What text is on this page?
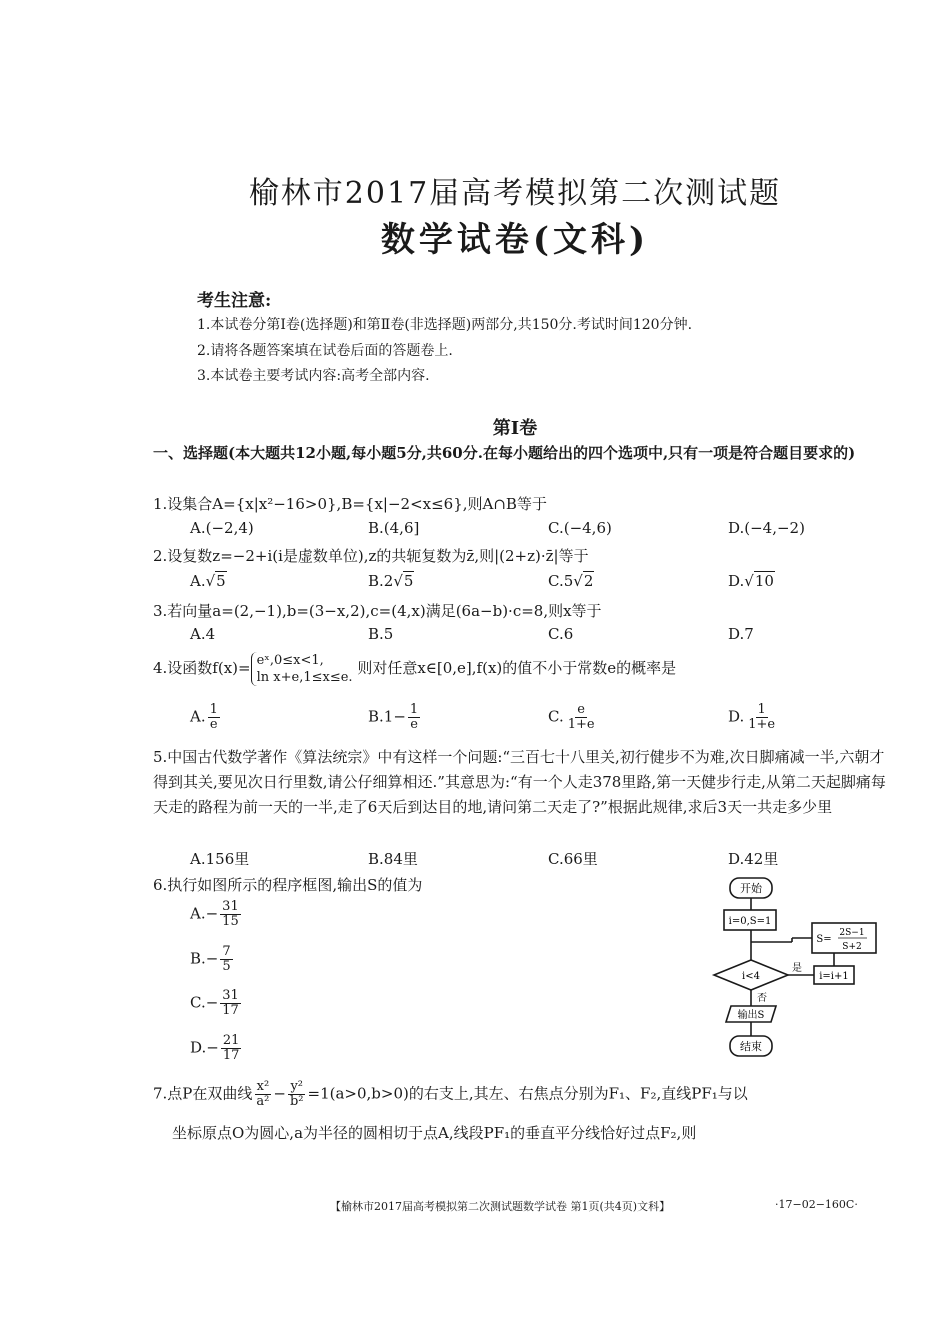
榆林市2017届高考模拟第二次测试题
数学试卷(文科)
考生注意:
1.本试卷分第Ⅰ卷(选择题)和第Ⅱ卷(非选择题)两部分,共150分.考试时间120分钟.
2.请将各题答案填在试卷后面的答题卷上.
3.本试卷主要考试内容:高考全部内容.
第Ⅰ卷
一、选择题(本大题共12小题,每小题5分,共60分.在每小题给出的四个选项中,只有一项是符合题目要求的)
1.设集合A={x|x²−16>0},B={x|−2<x≤6},则A∩B等于
A.(−2,4)	B.(4,6]	C.(−4,6)	D.(−4,−2)
2.设复数z=−2+i(i是虚数单位),z的共轭复数为z̄,则|(2+z)·z̄|等于
A.√5	B.2√5	C.5√2	D.√10
3.若向量a=(2,−1),b=(3−x,2),c=(4,x)满足(6a−b)·c=8,则x等于
A.4	B.5	C.6	D.7
4.设函数f(x)= eˣ,0≤x<1,
ln x+e,1≤x≤e. 则对任意x∈[0,e],f(x)的值不小于常数e的概率是
A. $\frac{1}{e}$	$B.1- \frac{1}{e}$	C. $\frac{e}{1+e}$	D. $\frac{1}{1+e}$
5.中国古代数学著作《算法统宗》中有这样一个问题:“三百七十八里关,初行健步不为难,次日脚痛减一半,六朝才得到其关,要见次日行里数,请公仔细算相还.”其意思为:“有一个人走378里路,第一天健步行走,从第二天起脚痛每天走的路程为前一天的一半,走了6天后到达目的地,请问第二天走了?”根据此规律,求后3天一共走多少里
A.156里	B.84里	C.66里	D.42里
6.执行如图所示的程序框图,输出S的值为
$A.- \frac{31}{15}$
$B.- \frac{7}{5}$
$C.- \frac{31}{17}$
$D.- \frac{21}{17}$
开始
i=0,S=1
i<4
是
否
i=i+1
S=
2S−1
S+2
输出S
结束
7.点P在双曲线 $\frac{\text{x²}}{\text{a²}} - \frac{\text{y²}}{\text{b²}} =1(a>0,b>0)$的右支上,其左、右焦点分别为F₁、F₂,直线PF₁与以
坐标原点O为圆心,a为半径的圆相切于点A,线段PF₁的垂直平分线恰好过点F₂,则
【榆林市2017届高考模拟第二次测试题数学试卷 第1页(共4页)文科】	·17−02−160C·
